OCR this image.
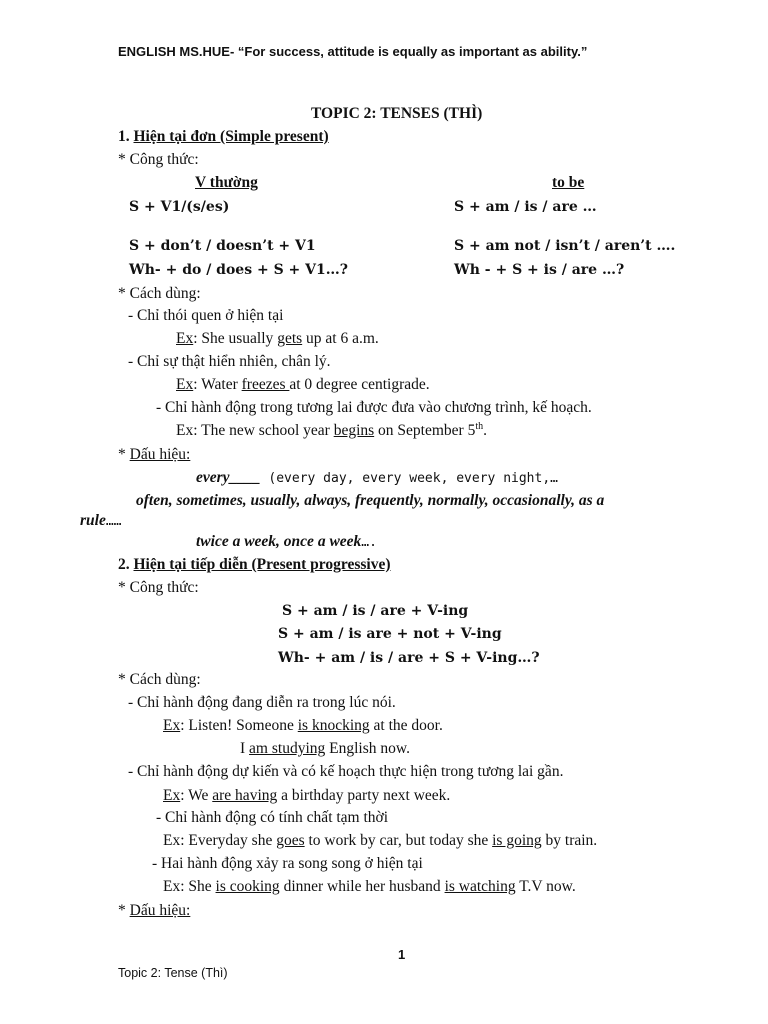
ENGLISH MS.HUE- “For success, attitude is equally as important as ability.”
TOPIC 2: TENSES (THÌ)
1. Hiện tại đơn (Simple present)
* Công thức:
V thường	to be
S + V1/(s/es)	S + am / is / are …
S + don’t / doesn’t + V1	S + am not / isn’t / aren’t ….
Wh- + do / does + S + V1…?	Wh - + S + is / are …?
* Cách dùng:
- Chỉ thói quen ở hiện tại
Ex: She usually gets up at 6 a.m.
- Chỉ sự thật hiển nhiên, chân lý.
Ex: Water freezes at 0 degree centigrade.
- Chỉ hành động trong tương lai được đưa vào chương trình, kế hoạch.
Ex: The new school year begins on September 5th.
* Dấu hiệu:
every____ (every day, every week, every night,…
often, sometimes, usually, always, frequently, normally, occasionally, as a
rule……
twice a week, once a week….
2. Hiện tại tiếp diễn (Present progressive)
* Công thức:
S + am / is / are + V-ing
S + am / is are + not + V-ing
Wh- + am / is / are + S + V-ing…?
* Cách dùng:
- Chỉ hành động đang diễn ra trong lúc nói.
Ex: Listen! Someone is knocking at the door.
I am studying English now.
- Chỉ hành động dự kiến và có kế hoạch thực hiện trong tương lai gần.
Ex: We are having a birthday party next week.
- Chỉ hành động có tính chất tạm thời
Ex: Everyday she goes to work by car, but today she is going by train.
- Hai hành động xảy ra song song ở hiện tại
Ex: She is cooking dinner while her husband is watching T.V now.
* Dấu hiệu:
1
Topic 2: Tense (Thì)
